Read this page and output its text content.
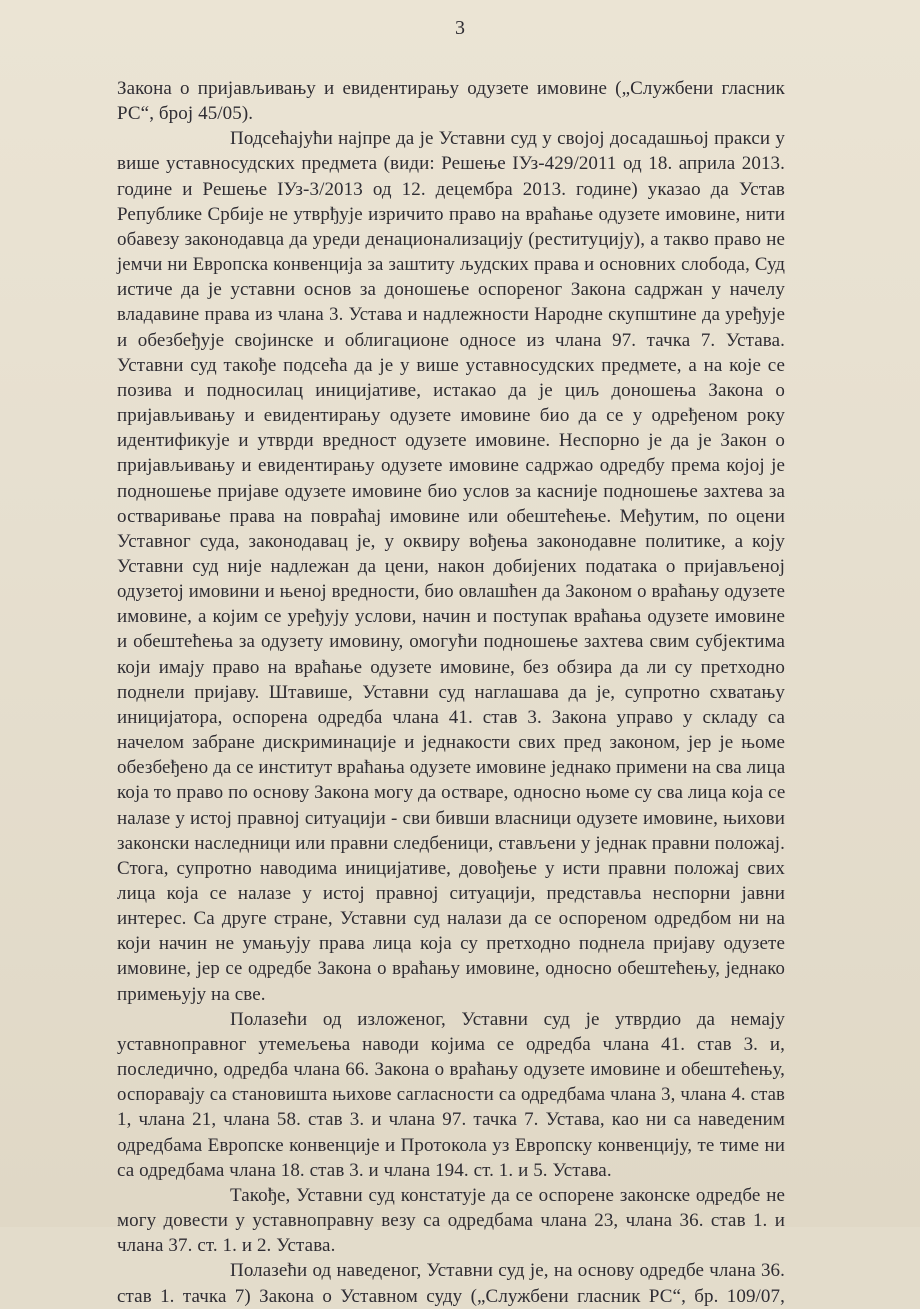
3
Закона о пријављивању и евидентирању одузете имовине („Службени гласник
РС“, број 45/05).
Подсећајући најпре да је Уставни суд у својој досадашњој пракси у
више уставносудских предмета (види: Решење ІУз-429/2011 од 18. априла 2013.
године и Решење ІУз-3/2013 од 12. децембра 2013. године) указао да Устав
Републике Србије не утврђује изричито право на враћање одузете имовине, нити
обавезу законодавца да уреди денационализацију (реституцију), а такво право не
јемчи ни Европска конвенција за заштиту људских права и основних слобода, Суд
истиче да је уставни основ за доношење оспореног Закона садржан у начелу
владавине права из члана 3. Устава и надлежности Народне скупштине да уређује
и обезбеђује својинске и облигационе односе из члана 97. тачка 7. Устава.
Уставни суд такође подсећа да је у више уставносудских предмете, а на које се
позива и подносилац иницијативе, истакао да је циљ доношења Закона о
пријављивању и евидентирању одузете имовине био да се у одређеном року
идентификује и утврди вредност одузете имовине. Неспорно је да је Закон о
пријављивању и евидентирању одузете имовине садржао одредбу према којој је
подношење пријаве одузете имовине био услов за касније подношење захтева за
остваривање права на повраћај имовине или обештећење. Међутим, по оцени
Уставног суда, законодавац је, у оквиру вођења законодавне политике, а коју
Уставни суд није надлежан да цени, након добијених података о пријављеној
одузетој имовини и њеној вредности, био овлашћен да Законом о враћању одузете
имовине, а којим се уређују услови, начин и поступак враћања одузете имовине
и обештећења за одузету имовину, омогући подношење захтева свим субјектима
који имају право на враћање одузете имовине, без обзира да ли су претходно
поднели пријаву. Штавише, Уставни суд наглашава да је, супротно схватању
иницијатора, оспорена одредба члана 41. став 3. Закона управо у складу са
начелом забране дискриминације и једнакости свих пред законом, јер је њоме
обезбеђено да се институт враћања одузете имовине једнако примени на сва лица
која то право по основу Закона могу да остваре, односно њоме су сва лица која се
налазе у истој правној ситуацији - сви бивши власници одузете имовине, њихови
законски наследници или правни следбеници, стављени у једнак правни положај.
Стога, супротно наводима иницијативе, довођење у исти правни положај свих
лица која се налазе у истој правној ситуацији, представља неспорни јавни
интерес. Са друге стране, Уставни суд налази да се оспореном одредбом ни на
који начин не умањују права лица која су претходно поднела пријаву одузете
имовине, јер се одредбе Закона о враћању имовине, односно обештећењу, једнако
примењују на све.
Полазећи од изложеног, Уставни суд је утврдио да немају
уставноправног утемељења наводи којима се одредба члана 41. став 3. и,
последично, одредба члана 66. Закона о враћању одузете имовине и обештећењу,
оспоравају са становишта њихове сагласности са одредбама члана 3, члана 4. став
1, члана 21, члана 58. став 3. и члана 97. тачка 7. Устава, као ни са наведеним
одредбама Европске конвенције и Протокола уз Европску конвенцију, те тиме ни
са одредбама члана 18. став 3. и члана 194. ст. 1. и 5. Устава.
Такође, Уставни суд констатује да се оспорене законске одредбе не
могу довести у уставноправну везу са одредбама члана 23, члана 36. став 1. и
члана 37. ст. 1. и 2. Устава.
Полазећи од наведеног, Уставни суд је, на основу одредбе члана 36.
став 1. тачка 7) Закона о Уставном суду („Службени гласник РС“, бр. 109/07,
